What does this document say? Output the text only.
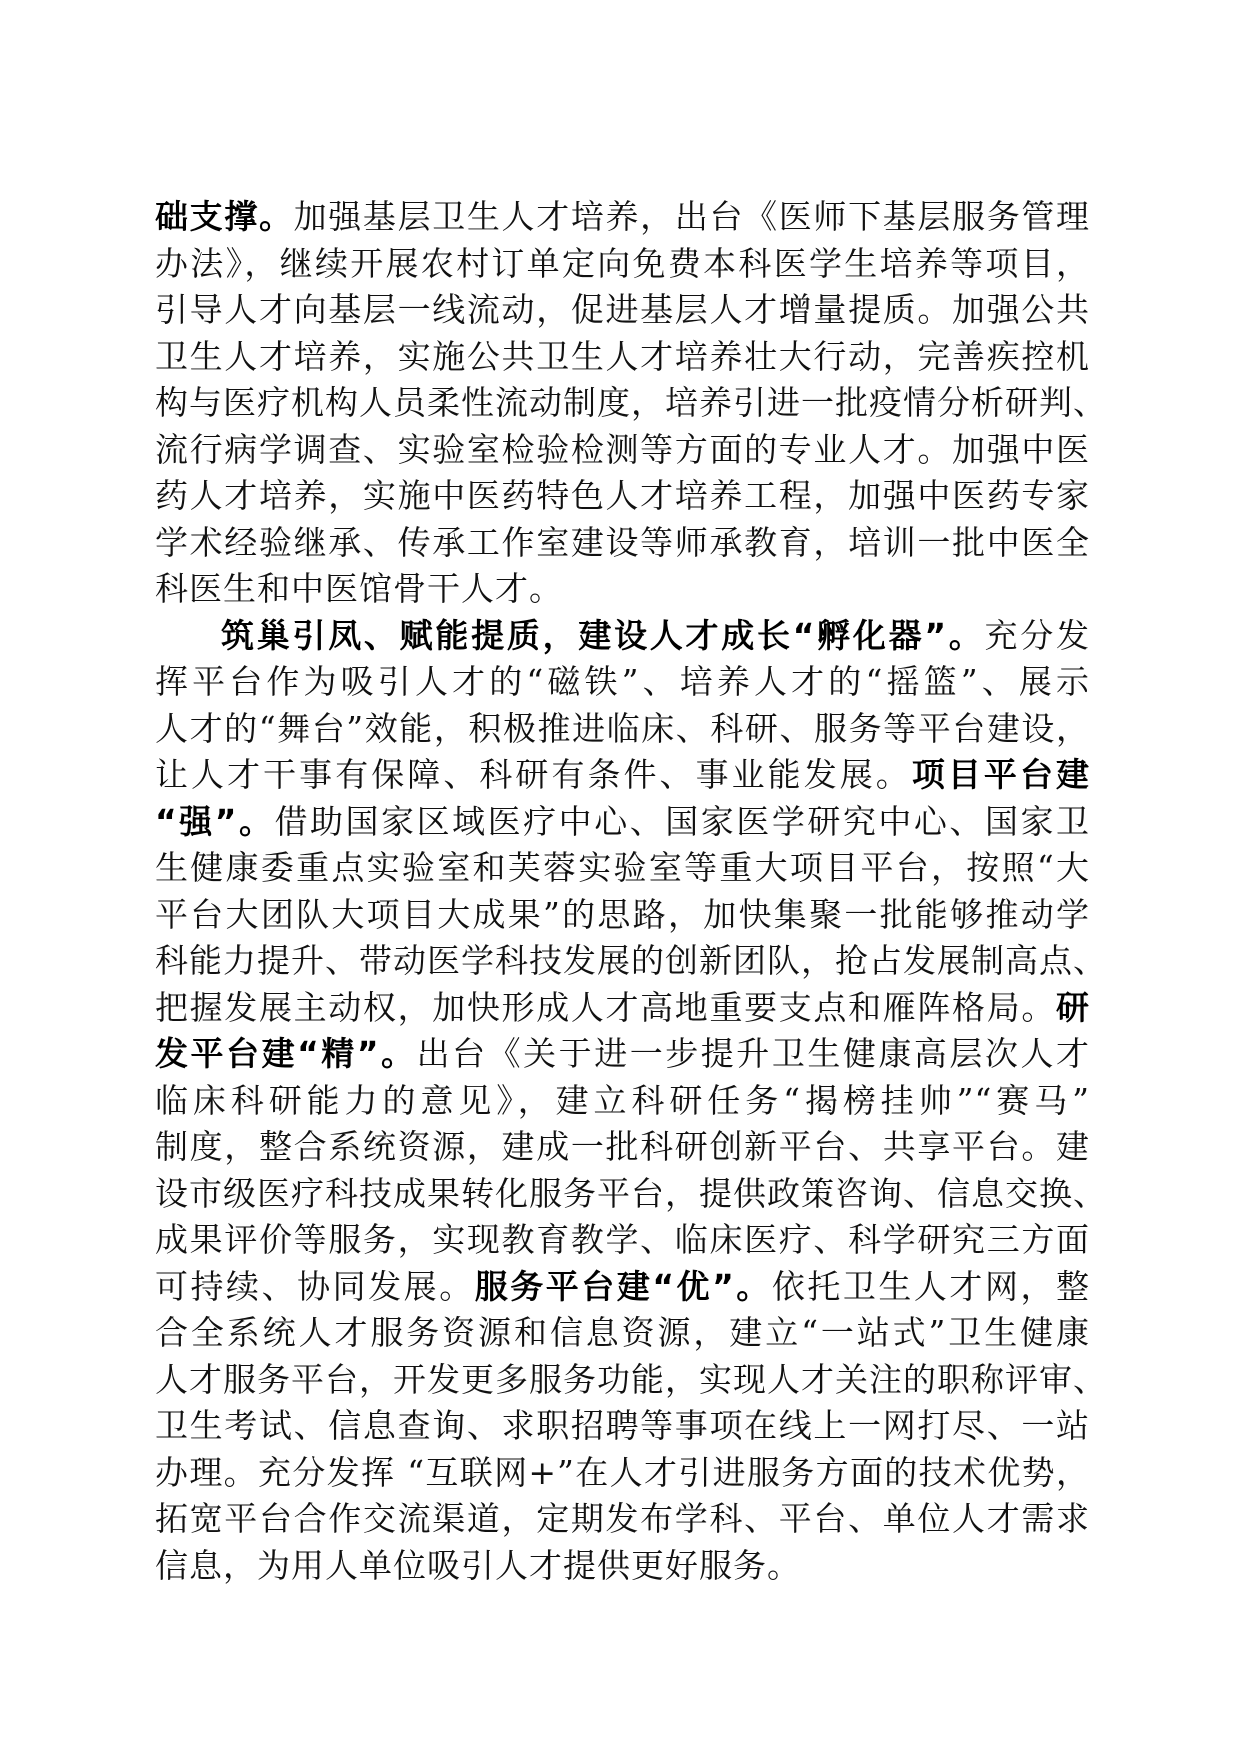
础支撑。加强基层卫生人才培养，出台《医师下基层服务管理
办法》，继续开展农村订单定向免费本科医学生培养等项目，
引导人才向基层一线流动，促进基层人才增量提质。加强公共
卫生人才培养，实施公共卫生人才培养壮大行动，完善疾控机
构与医疗机构人员柔性流动制度，培养引进一批疫情分析研判、
流行病学调查、实验室检验检测等方面的专业人才。加强中医
药人才培养，实施中医药特色人才培养工程，加强中医药专家
学术经验继承、传承工作室建设等师承教育，培训一批中医全
科医生和中医馆骨干人才。
筑巢引凤、赋能提质，建设人才成长“孵化器”。充分发
挥平台作为吸引人才的“磁铁”、培养人才的“摇篮”、展示
人才的“舞台”效能，积极推进临床、科研、服务等平台建设，
让人才干事有保障、科研有条件、事业能发展。项目平台建
“强”。借助国家区域医疗中心、国家医学研究中心、国家卫
生健康委重点实验室和芙蓉实验室等重大项目平台，按照“大
平台大团队大项目大成果”的思路，加快集聚一批能够推动学
科能力提升、带动医学科技发展的创新团队，抢占发展制高点、
把握发展主动权，加快形成人才高地重要支点和雁阵格局。研
发平台建“精”。出台《关于进一步提升卫生健康高层次人才
临床科研能力的意见》，建立科研任务“揭榜挂帅”“赛马”
制度，整合系统资源，建成一批科研创新平台、共享平台。建
设市级医疗科技成果转化服务平台，提供政策咨询、信息交换、
成果评价等服务，实现教育教学、临床医疗、科学研究三方面
可持续、协同发展。服务平台建“优”。依托卫生人才网，整
合全系统人才服务资源和信息资源，建立“一站式”卫生健康
人才服务平台，开发更多服务功能，实现人才关注的职称评审、
卫生考试、信息查询、求职招聘等事项在线上一网打尽、一站
办理。充分发挥 “互联网+”在人才引进服务方面的技术优势，
拓宽平台合作交流渠道，定期发布学科、平台、单位人才需求
信息，为用人单位吸引人才提供更好服务。
